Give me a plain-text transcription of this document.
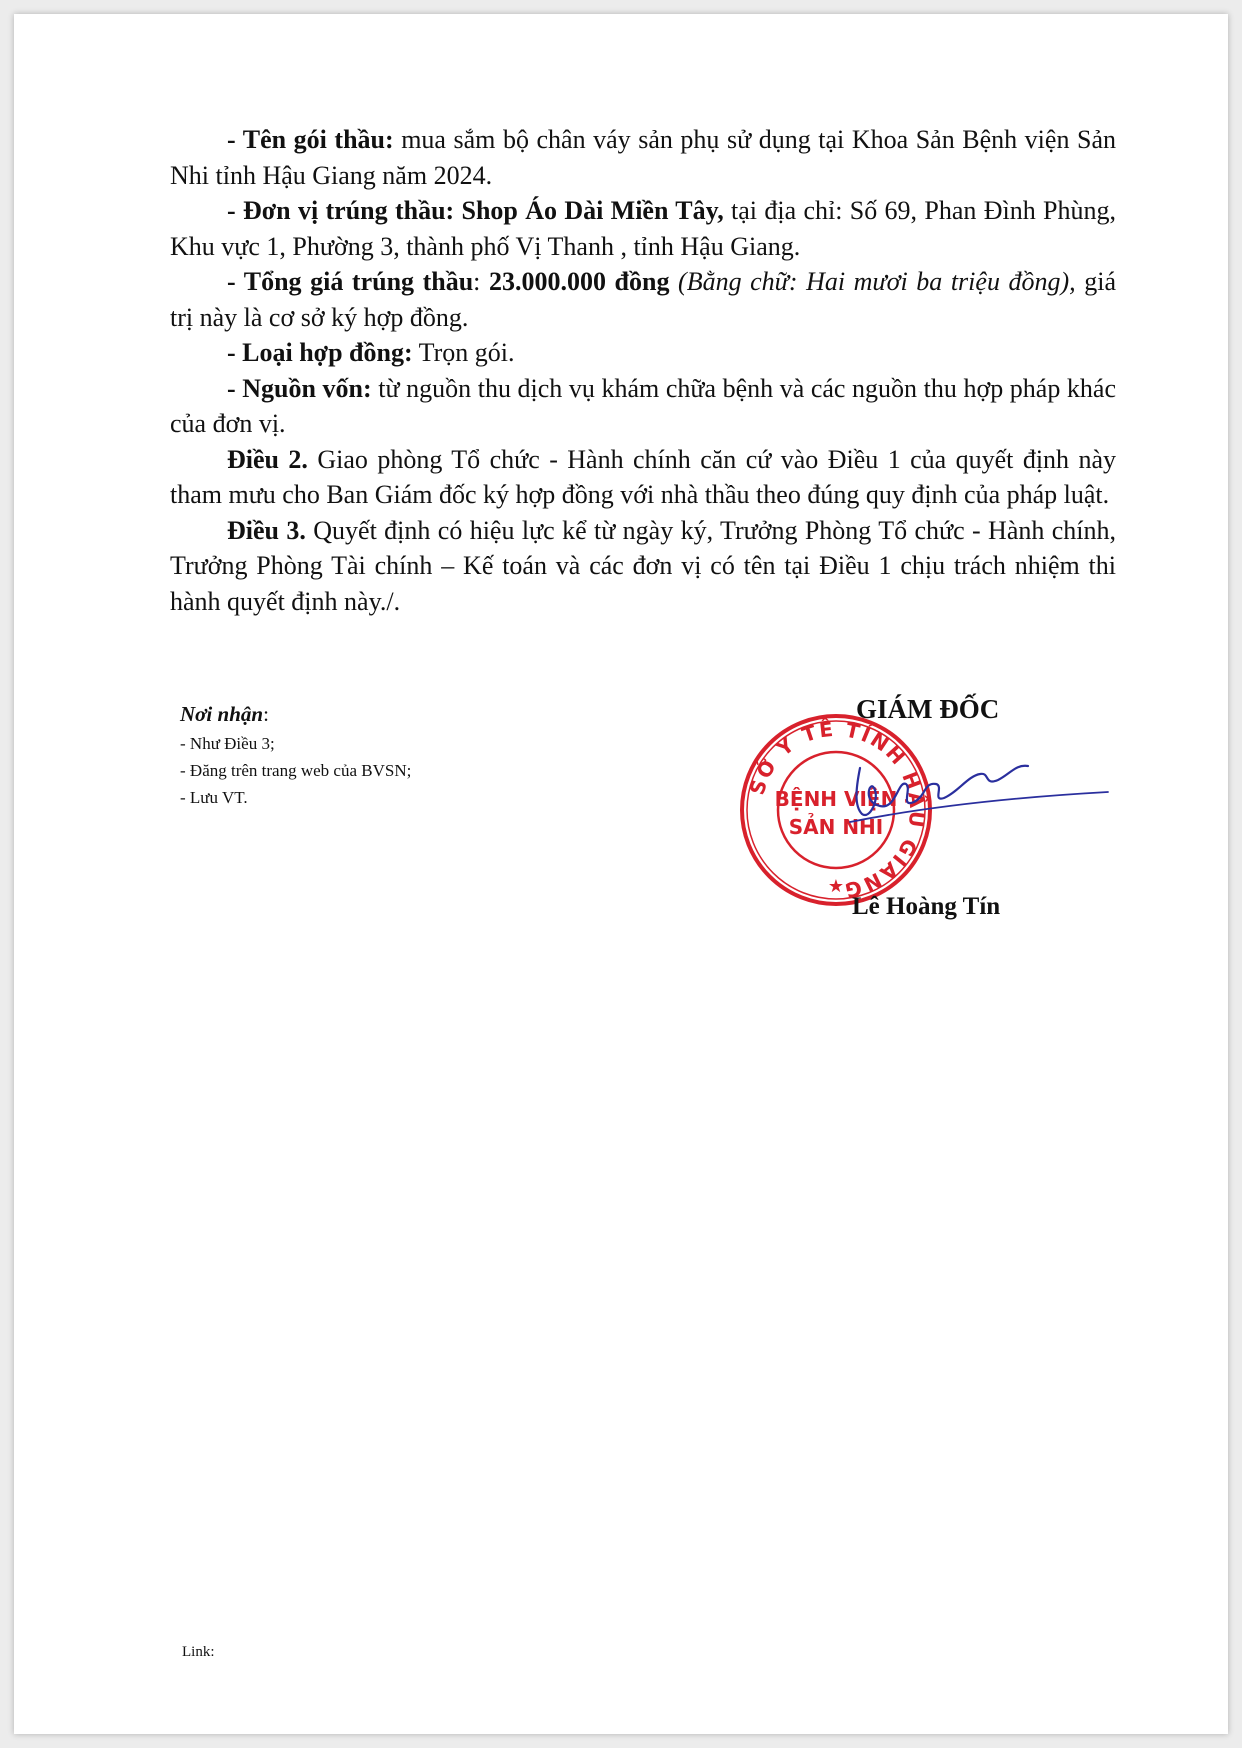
- Tên gói thầu: mua sắm bộ chân váy sản phụ sử dụng tại Khoa Sản Bệnh viện Sản Nhi tỉnh Hậu Giang năm 2024.

- Đơn vị trúng thầu: Shop Áo Dài Miền Tây, tại địa chỉ: Số 69, Phan Đình Phùng, Khu vực 1, Phường 3, thành phố Vị Thanh , tỉnh Hậu Giang.

- Tổng giá trúng thầu: 23.000.000 đồng (Bằng chữ: Hai mươi ba triệu đồng), giá trị này là cơ sở ký hợp đồng.

- Loại hợp đồng: Trọn gói.

- Nguồn vốn: từ nguồn thu dịch vụ khám chữa bệnh và các nguồn thu hợp pháp khác của đơn vị.

Điều 2. Giao phòng Tổ chức - Hành chính căn cứ vào Điều 1 của quyết định này tham mưu cho Ban Giám đốc ký hợp đồng với nhà thầu theo đúng quy định của pháp luật.

Điều 3. Quyết định có hiệu lực kể từ ngày ký, Trưởng Phòng Tổ chức - Hành chính, Trưởng Phòng Tài chính – Kế toán và các đơn vị có tên tại Điều 1 chịu trách nhiệm thi hành quyết định này./.

Nơi nhận:
- Như Điều 3;
- Đăng trên trang web của BVSN;
- Lưu VT.
GIÁM ĐỐC
SỞ Y TẾ TỈNH HẬU GIANG
★
BỆNH VIỆN
SẢN NHI
Lê Hoàng Tín
Link:
